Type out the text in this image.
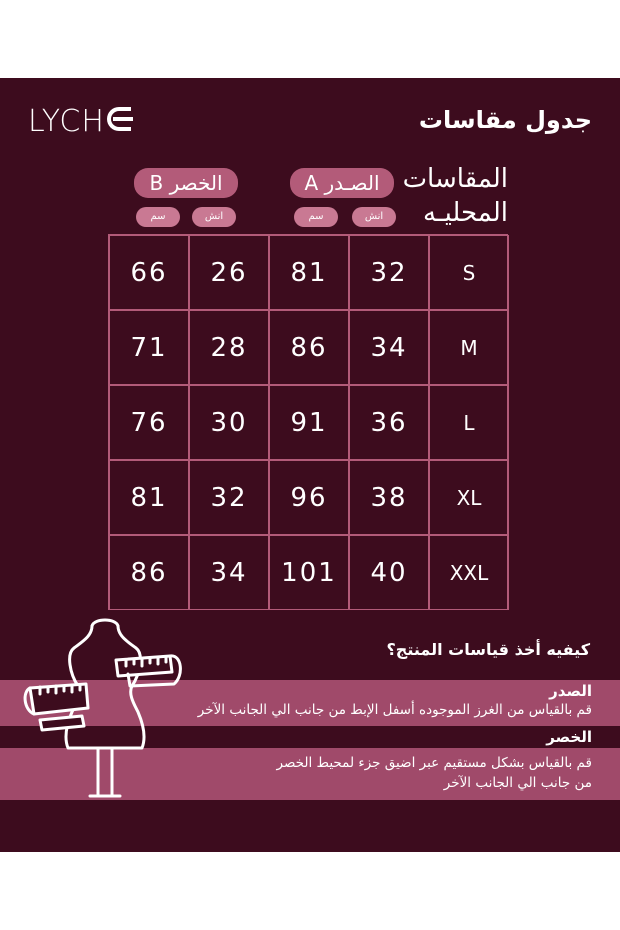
LYCH	جدول مقاسات
المقاسات المحليـه
الخصر B	الصـدر A
سم	انش	سم	انش
66 26 81 32	S
71 28 86 34	M
76 30 91 36	L
81 32 96 38 XL
86 34 101 40 XXL
كيفيه أخذ قياسات المنتج؟
الصدر
قم بالقياس من الغرز الموجوده أسفل الإبط من جانب الي الجانب الآخر
الخصر
قم بالقياس بشكل مستقيم عبر اضيق جزء لمحيط الخصر
من جانب الي الجانب الآخر
